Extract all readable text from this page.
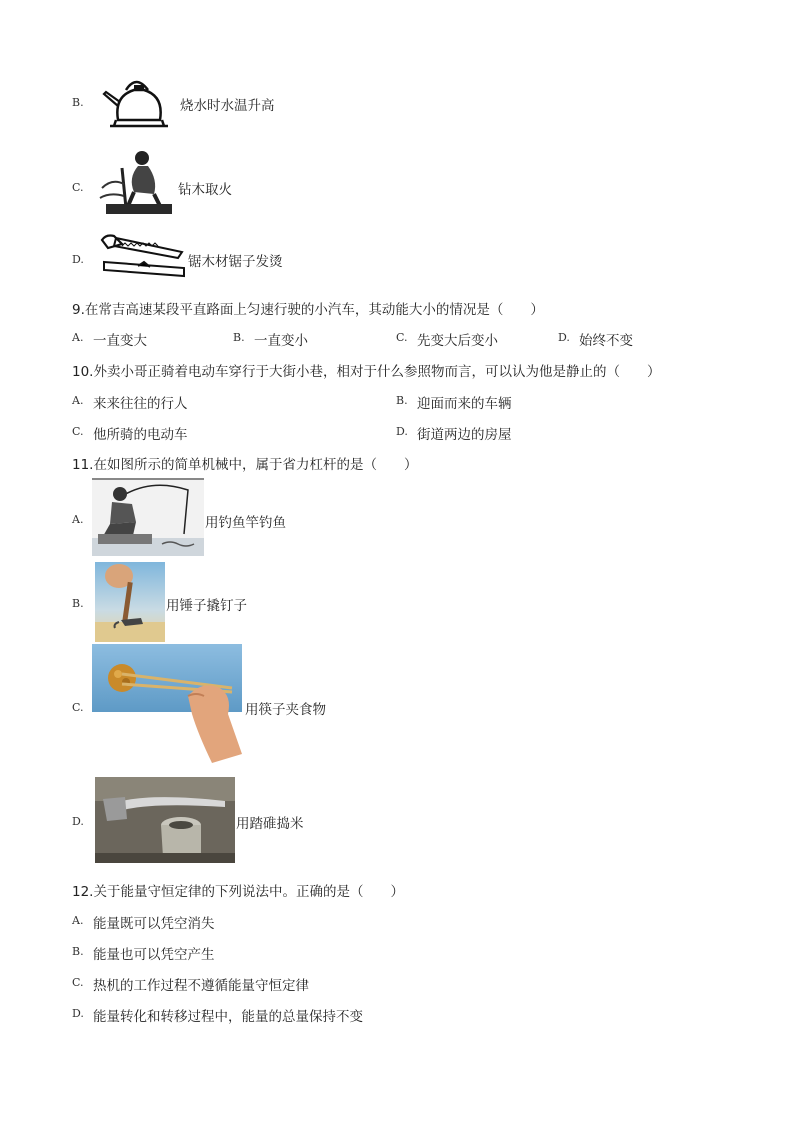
B.	烧水时水温升高
C.	钻木取火
D.	锯木材锯子发烫
9.在常吉高速某段平直路面上匀速行驶的小汽车，其动能大小的情况是（　　）
A. 一直变大	B. 一直变小	C. 先变大后变小	D. 始终不变
10.外卖小哥正骑着电动车穿行于大街小巷，相对于什么参照物而言，可以认为他是静止的（　　）
A. 来来往往的行人	B. 迎面而来的车辆
C. 他所骑的电动车	D. 街道两边的房屋
11.在如图所示的简单机械中，属于省力杠杆的是（　　）
A.	用钓鱼竿钓鱼
B.	用锤子撬钉子
C.	用筷子夹食物
D.	用踏碓捣米
12.关于能量守恒定律的下列说法中。正确的是（　　）
A. 能量既可以凭空消失
B. 能量也可以凭空产生
C. 热机的工作过程不遵循能量守恒定律
D. 能量转化和转移过程中，能量的总量保持不变
